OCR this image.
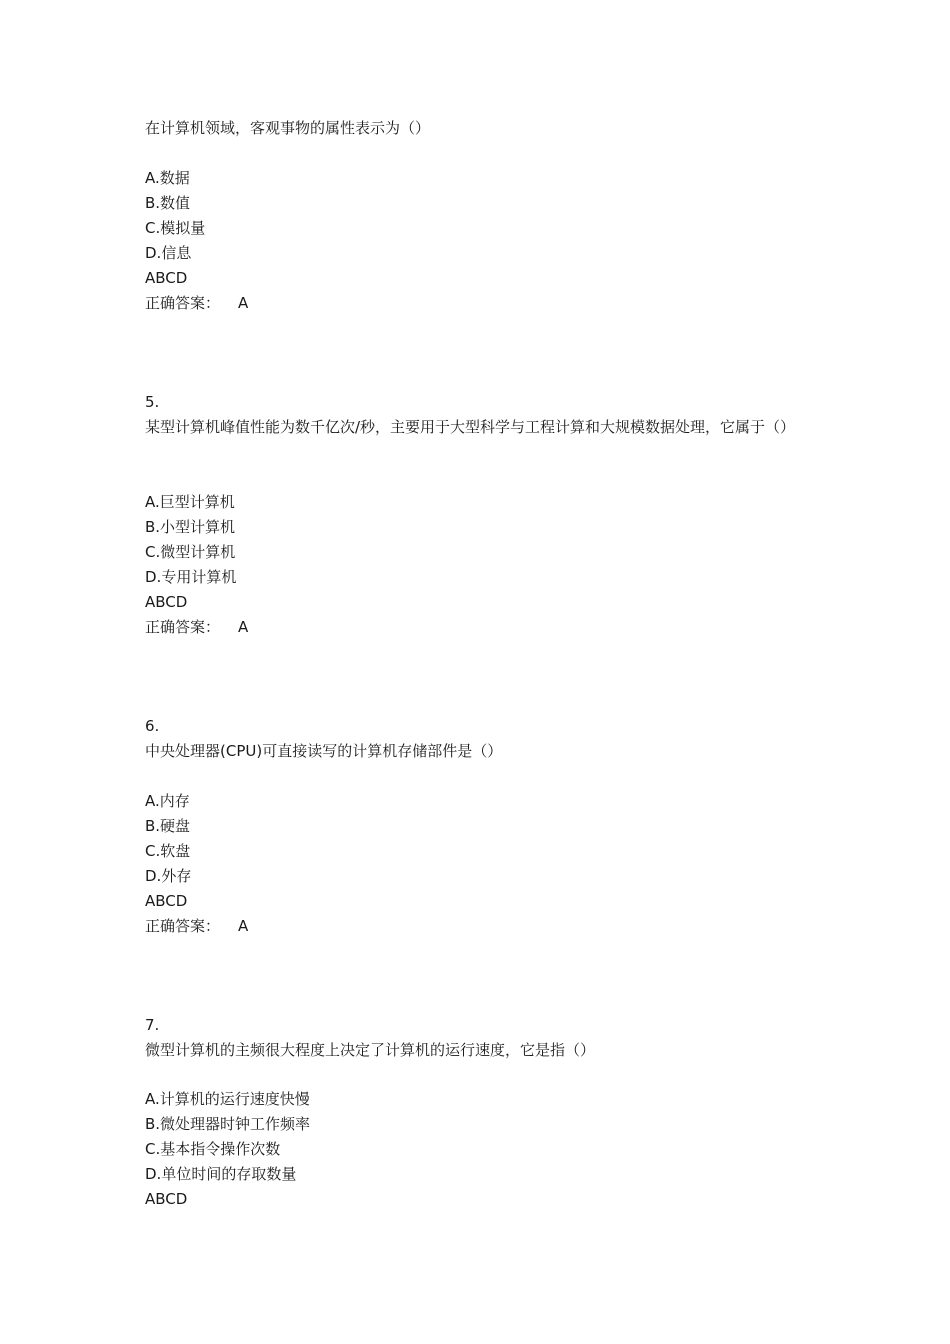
在计算机领域，客观事物的属性表示为（）
A.数据
B.数值
C.模拟量
D.信息
ABCD
正确答案： A
5.
某型计算机峰值性能为数千亿次/秒，主要用于大型科学与工程计算和大规模数据处理，它属于（）
A.巨型计算机
B.小型计算机
C.微型计算机
D.专用计算机
ABCD
正确答案： A
6.
中央处理器(CPU)可直接读写的计算机存储部件是（）
A.内存
B.硬盘
C.软盘
D.外存
ABCD
正确答案： A
7.
微型计算机的主频很大程度上决定了计算机的运行速度，它是指（）
A.计算机的运行速度快慢
B.微处理器时钟工作频率
C.基本指令操作次数
D.单位时间的存取数量
ABCD
